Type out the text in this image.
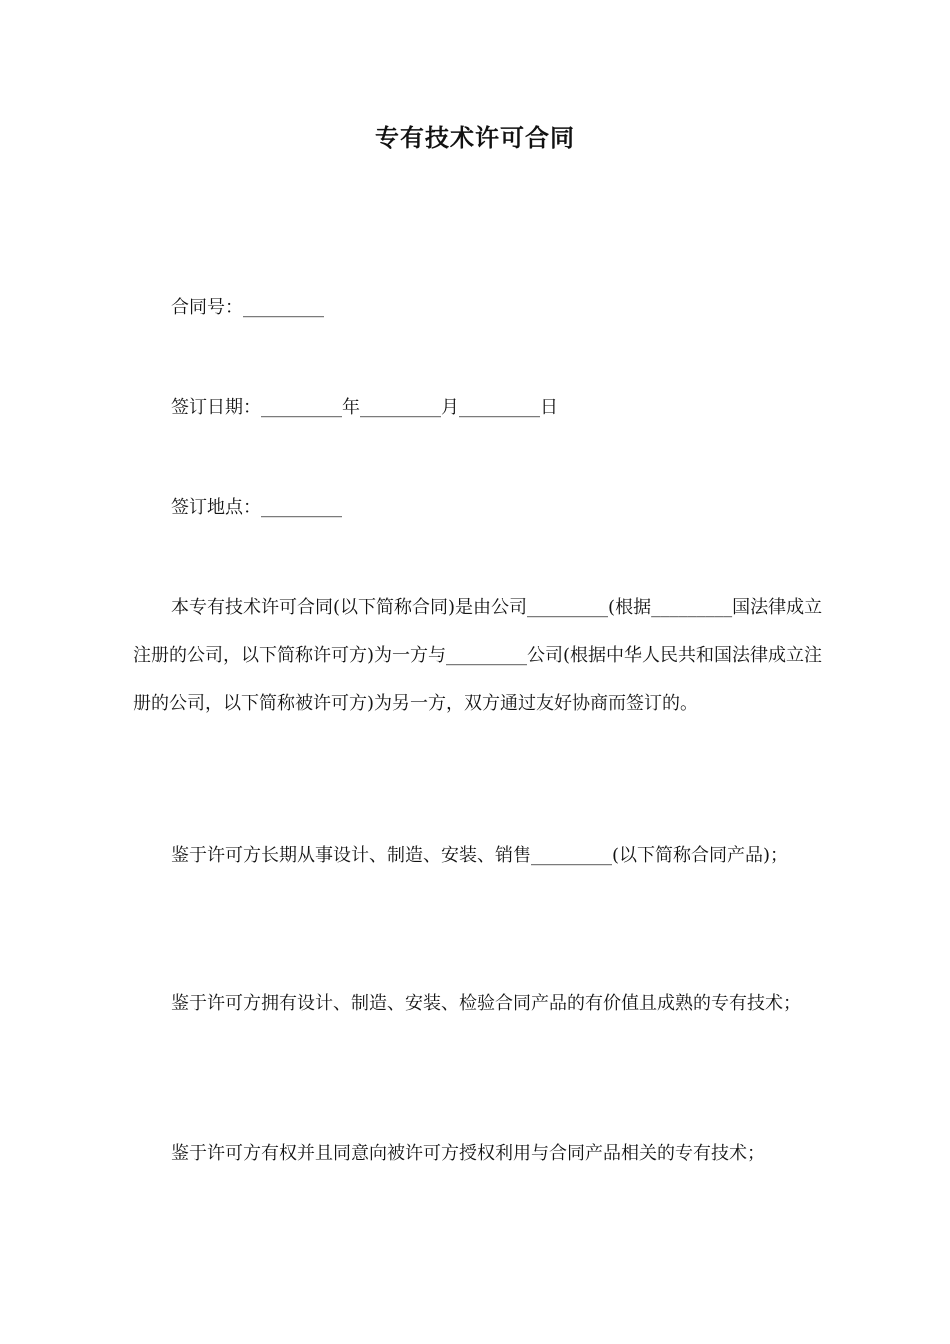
专有技术许可合同

合同号：_________

签订日期：_________年_________月_________日

签订地点：_________

本专有技术许可合同(以下简称合同)是由公司_________(根据_________国法律成立注册的公司，以下简称许可方)为一方与_________公司(根据中华人民共和国法律成立注册的公司，以下简称被许可方)为另一方，双方通过友好协商而签订的。

鉴于许可方长期从事设计、制造、安装、销售_________(以下简称合同产品)；

鉴于许可方拥有设计、制造、安装、检验合同产品的有价值且成熟的专有技术；

鉴于许可方有权并且同意向被许可方授权利用与合同产品相关的专有技术；
